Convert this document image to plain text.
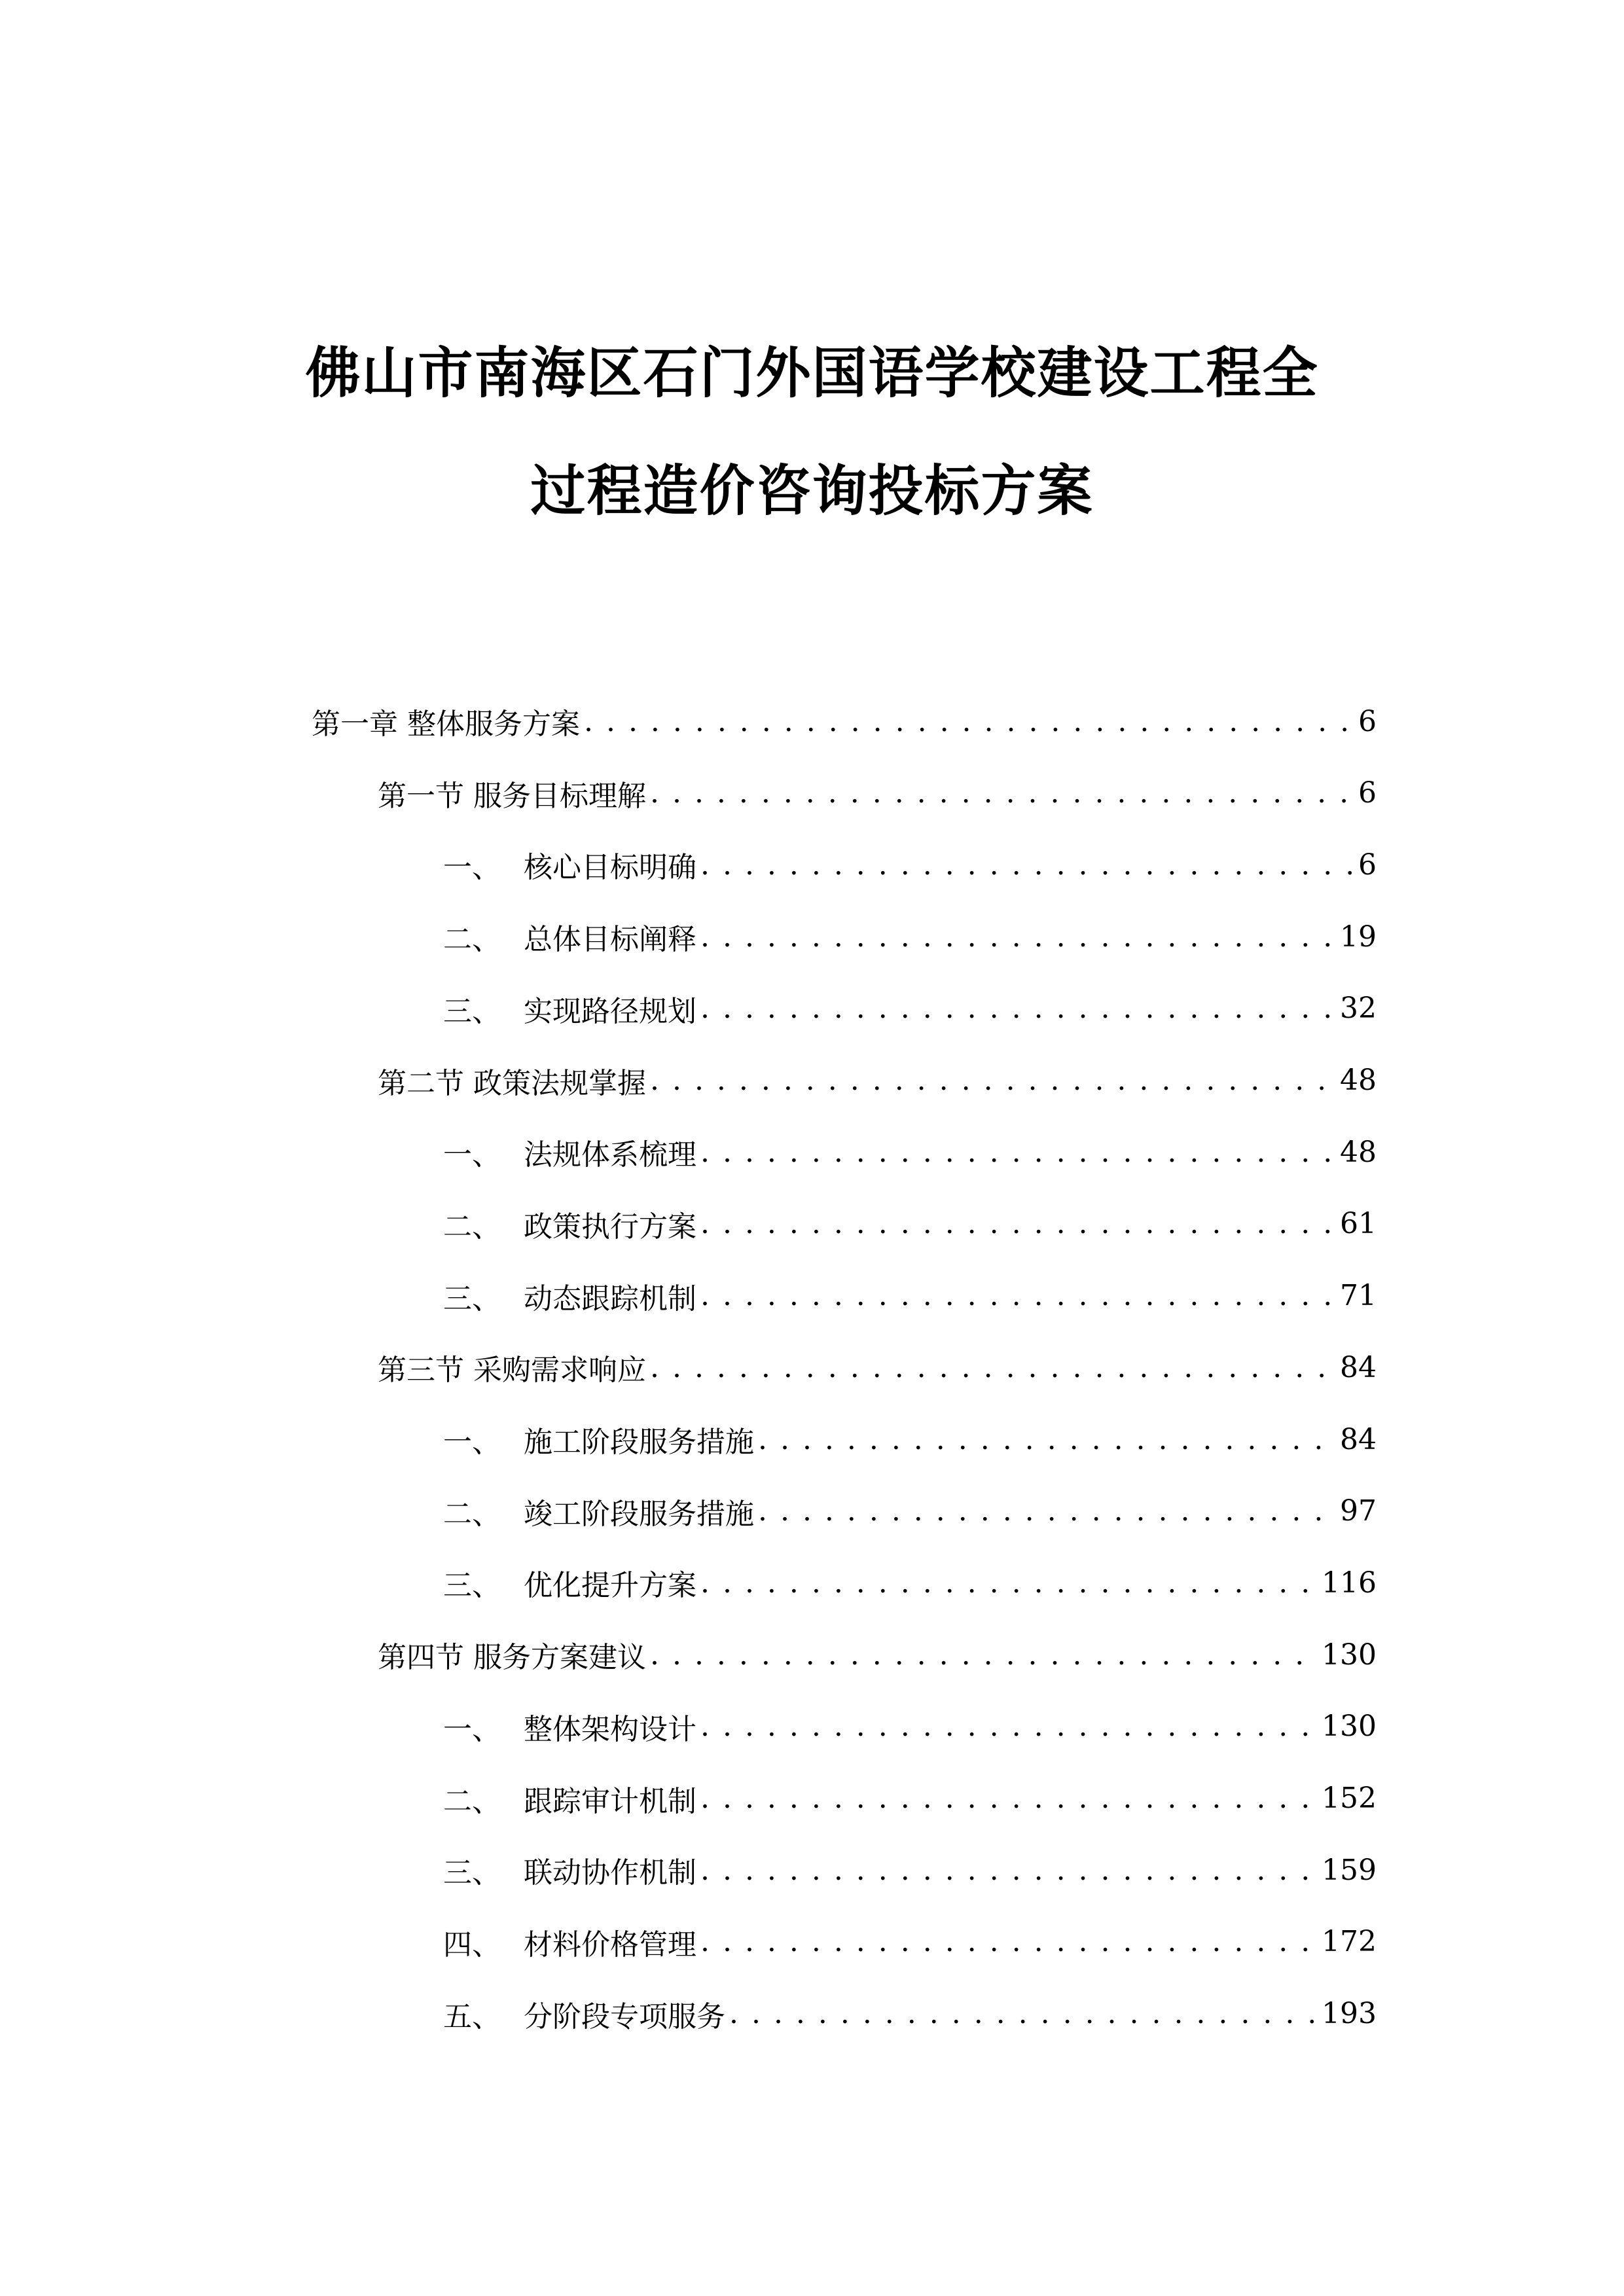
佛山市南海区石门外国语学校建设工程全
过程造价咨询投标方案
第一章 整体服务方案 . . .	6
第一节 服务目标理解 . . .	6
一、 核心目标明确 . . .	6
二、 总体目标阐释 . . .	19
三、 实现路径规划 . . .	32
第二节 政策法规掌握 . . .	48
一、 法规体系梳理 . . .	48
二、 政策执行方案 . . .	61
三、 动态跟踪机制 . . .	71
第三节 采购需求响应 . . .	84
一、 施工阶段服务措施 . . .	84
二、 竣工阶段服务措施 . . .	97
三、 优化提升方案 . . .	116
第四节 服务方案建议 . . .	130
一、 整体架构设计 . . .	130
二、 跟踪审计机制 . . .	152
三、 联动协作机制 . . .	159
四、 材料价格管理 . . .	172
五、 分阶段专项服务 . . .	193
